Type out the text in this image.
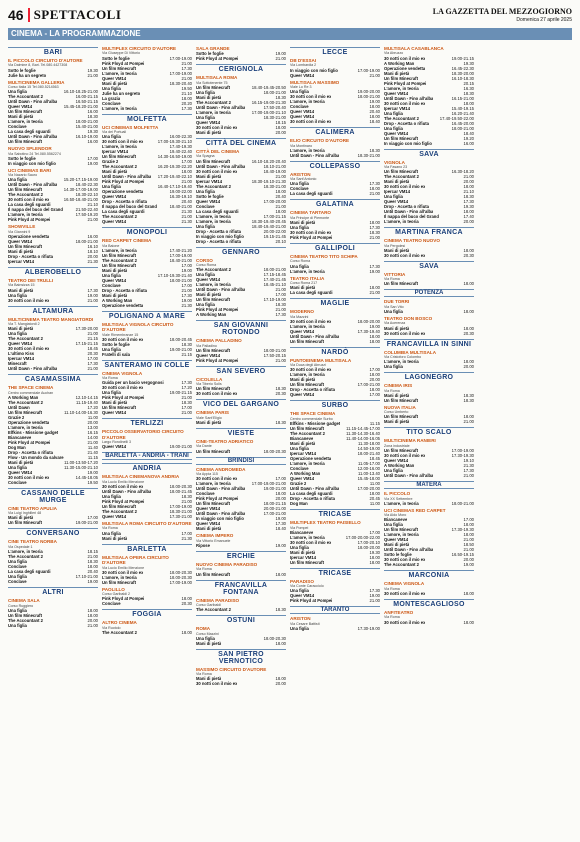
46 SPETTACOLI	LA GAZZETTA DEL MEZZOGIORNO
Domenica 27 aprile 2025
CINEMA - LA PROGRAMMAZIONE
BARI
IL PICCOLO CIRCUITO D'AUTORE
Via Dalmine 8, Bari. Tel.080.4427308
Sotto le foglie	19.30
Julie ha un segreto	21.00
MULTICINEMA GALLERIA
Corso Italia 15 Tel.080.5214563
Una figlia	16.10-18.25-21.00
The Accountant 2	16.00-21.15
Until Dawn - Fino all'alba	16.50-21.15
Queer VM14	15.45-18.20-21.00
Un film Minecraft	16.00
Mani di pietà	18.30
L'amore, in teoria	18.00-21.00
Conclave	15.40-21.00
La casa degli sguardi	19.30
Until Dawn - Fino all'alba	16.10-19.00
Un film Minecraft	16.00
NUOVO SPLENDOR
Via Sabotino 24 Tel.080.5562274
Sotto le foglie	17.00
In viaggio con mio figlio	19.00
UCI CINEMAS BARI
Via Nazario Sauro
Una figlia	15.20-17.15-19.00
Until Dawn - Fino all'alba	18.40-22.30
Un film Minecraft	14.30-17.00-19.00
The Accountant 2	18.30-22.10
30 notti con il mio ex	16.50-18.40-21.00
La casa degli sguardi	21.10
Il nappa del buco del Grand	21.50-22.40
L'amore, in teoria	17.50-19.20
Pink Floyd at Pompei	21.00
SHOWVILLE
Via Giannini 9
Operazione vendetta	16.00
Queer VM14	18.00-21.00
Un film Minecraft	16.10
Mani di pietà	18.10
Drop - Accetta o rifiuta	20.00
Ipercar VM14	21.30
ALBEROBELLO
TEATRO DEI TRULLI
Via Bainsizza 15
Mani di pietà	17.30
Una figlia	19.00
30 notti con il mio ex	21.00
ALTAMURA
MULTICINEMA TEATRO MANGIATORDI
Via T. Mangiatordi 2
Mani di pietà	17.30-20.00
Una figlia	21.00
The Accountant 2	21.15
Queer VM14	17.15-21.15
30 notti con il mio ex	18.45
L'ultimo Kiss	20.30
Ipercar VM14	17.00
Minecraft	17.30
Until Dawn - Fino all'alba	21.00
CASAMASSIMA
THE SPACE CINEMA
Centro commerciale Auchan
A Working Man	12.10-14.15
The Accountant 2	11.15-19.40
Until Dawn	17.20
Un film Minecraft	11.10-14.00-16.30
Grazie 2	11.00
Operazione vendetta	20.00
L'amore, in teoria	13.00
Elfkins - Missione gadget	16.15
Biancaneve	14.00
Pink Floyd at Pompei	21.00
Dog Man	11.40
Drop - Accetta o rifiuta	21.40
Flow - Un mondo da salvare	11.15
Mani di pietà	11.00-13.50-17.20
Una figlia	11.30-15.00-21.10
Queer VM14	19.00
30 notti con il mio ex	14.45-18.05
Conclave	19.50
CASSANO DELLE MURGE
CINE TEATRO APULIA
Via Luigi Inghilleri 48
Mani di pietà	17.00
Un film Minecraft	19.00-21.00
CONVERSANO
CINE TEATRO NORBA
Via Ospedale 1
L'amore, in teoria	18.15
The Accountant 2	21.00
Una figlia	18.30
Conclave	18.00
La casa degli sguardi	20.40
Una figlia	17.10-21.00
Conclave	19.00
ALTRI
CINEMA SALA
Corso Ruggiero
Una figlia	18.00
Un film Minecraft	18.00
The Accountant 2	20.00
Una figlia	21.00
MULTIPLEX CIRCUITO D'AUTORE
Via Giuseppe Di Vittorio
Sotto le foglie	17.00-19.00
Pink Floyd at Pompei	21.00
Un film Minecraft	17.30
L'amore, in teoria	17.00-19.00
Queer VM14	21.00
Mani di pietà	18.30-20.40
Una figlia	19.50
Julie ha un segreto	21.10
La grazia	18.00
Conclave	20.20
L'amore, in teoria	17.30
MOLFETTA
UCI CINEMAS MOLFETTA
Via dei Portuali
Una figlia	16.00-22.30
30 notti con il mio ex	17.00-19.30-21.10
L'amore, in teoria	17.40-19.30
Ipercar VM14	19.40-22.40
Un film Minecraft	14.30-16.50-19.00
Grazie 2	17.00
The Accountant 2	16.20-19.30-22.20
Mani di pietà	18.00
Until Dawn - Fino all'alba 17.20-19.40-22.10
Pink Floyd at Pompei	21.00
Una figlia	16.40-17.10-19.40
Operazione vendetta	19.00-22.00
Queer VM14	16.30-19.10
Drop - Accetta o rifiuta	20.40
Il nappa del buco del Grand	18.40-21.00
La casa degli sguardi	21.30
The Accountant 2	21.00
Queer VM14	21.30
MONOPOLI
RED CARPET CINEMA
Via Baione
L'amore, in teoria	17.40-21.20
Un film Minecraft	17.00-19.00
The Accountant 2	18.40-21.00
Un film Minecraft	17.00
Mani di pietà	19.00
Una figlia	17.10-19.30-21.40
Queer VM14	18.00-21.00
Conclave	17.00
Drop - Accetta o rifiuta	21.00
Mani di pietà	17.30
A Working Man	19.00
Operazione vendetta	21.30
POLIGNANO A MARE
MULTISALA VIGNOLA CIRCUITO D'AUTORE
Viale Rimembranze 15
30 notti con il mio ex	18.00-20.45
Sotto le foglie	18.30
Una figlia	19.00-21.00
Fratelli di sala	21.15
SANTERAMO IN COLLE
CINEMA VIGNOLA
Via Roma
Guida per un bacio vergognosi	17.30
30 notti con il mio ex	17.20
Una figlia	19.00-21.15
Pink Floyd at Pompei	21.00
Mani di pietà	18.30
Un film Minecraft	17.00
Queer VM14	21.00
TERLIZZI
PICCOLO OSSERVATORIO CIRCUITO D'AUTORE
Largo Rondinelli 3
Queer VM14	19.00-21.00
BARLETTA - ANDRIA - TRANI
ANDRIA
MULTISALA CINEMANOVA ANDRIA
Via Lucio Emilio Menzione
30 notti con il mio ex	18.00-20.30
Until Dawn - Fino all'alba	18.00-21.45
Una figlia	18.30
Pink Floyd at Pompei	21.00
Un film Minecraft	17.00-19.00
The Accountant 2	18.30-21.00
Queer VM14	17.30-21.00
MULTISALA ROMA CIRCUITO D'AUTORE
Via Roma
Una figlia	17.00
Mani di pietà	21.30
BARLETTA
MULTISALA OPERA CIRCUITO D'AUTORE
Via Lucio Emilio Menzione
30 notti con il mio ex	18.00-20.30
L'amore, in teoria	18.00-20.30
Un film Minecraft	17.00-19.00
PAOLILLO
Corso Garibaldi 2
Pink Floyd at Pompei	18.00
Conclave	20.30
FOGGIA
ALTRO CINEMA
Via Ruotolo
The Accountant 2	18.00
SALA GRANDE
Sotto le foglie	19.00
Pink Floyd at Pompei	21.00
CERIGNOLA
MULTISALA ROMA
Via Sottotenente 75
Un film Minecraft	18.40-19.45-20.50
Una figlia	18.00-21.00
Mani di pietà	18.30
The Accountant 2	16.15-19.00-21.30
Until Dawn - Fino all'alba	17.50-20.40
L'amore, in teoria	17.00-19.00-21.10
Una figlia	18.30-21.00
Queer VM14	18.15
30 notti con il mio ex	18.00
Mani di pietà	20.00
CITTÀ DEL CINEMA
CITTÀ DEL CINEMA
Via Spagna
Un film Minecraft	16.10-18.20-20.40
Until Dawn - Fino all'alba	18.10-21.00
30 notti con il mio ex	18.40-19.00
Mani di pietà	21.00
Ipercar VM14	18.30-19.10-21.30
The Accountant 2	18.30-21.00
Una figlia	18.00
Sotto le foglie	20.40
Queer VM14	17.00-20.00
Conclave	21.00
La casa degli sguardi	18.00
L'amore, in teoria	17.00-21.15
L'amore, in teoria	18.30-19.40-20.45
Una figlia	18.40-19.40-21.00
Drop - Accetta o rifiuta	20.00-22.00
In viaggio con mio figlio	19.15-21.45
Drop - Accetta o rifiuta	20.10
GENNARO
CORSO
Corso Roma
The Accountant 2	18.00-21.00
Una figlia	17.15-18.45
Queer VM14	17.40-21.45
L'amore, in teoria	18.45-21.10
Until Dawn - Fino all'alba	21.00
Mani di pietà	17.00
Un film Minecraft	17.10-19.00
Una figlia	18.30
Pink Floyd at Pompei	21.00
A Working Man	17.30
SAN GIOVANNI ROTONDO
CINEMA PALLADINO
Via Palladino
Un film Minecraft	18.00-21.00
Queer VM14	17.50-20.15
Pink Floyd at Pompei	21.00
SAN SEVERO
CICOLELLA
Via Tiberio Solis
Un film Minecraft	18.30
30 notti con il mio ex	20.30
VICO DEL GARGANO
CINEMA PARIS
Viale Sant'Eligio
Mani di pietà	18.30
VIESTE
CINE-TEATRO ADRIATICO
Via Dante
Un film Minecraft	18.00-20.30
BRINDISI
CINEMA ANDROMEDA
Via Appia 115
30 notti con il mio ex	17.00
L'amore, in teoria	17.00-19.00-21.00
Until Dawn - Fino all'alba	19.00-21.00
Conclave	18.00
Pink Floyd at Pompei	20.00
Un film Minecraft	18.00-21.15
Queer VM14	20.00-21.00
Until Dawn - Fino all'alba	17.00-21.00
In viaggio con mio figlio	19.00
Queer VM14	17.30
Mani di pietà	18.40
CINEMA IMPERO
Via Vittorio Emanuele
Ripose	19.00
ERCHIE
NUOVO CINEMA PARADISO
Via Roma
Un film Minecraft	18.00
FRANCAVILLA FONTANA
CINEMA PARADISO
Corso Garibaldi
The Accountant 2	18.30
OSTUNI
ROMA
Corso Mazzini
Una figlia	18.00-20.30
Mani di pietà	18.00
SAN PIETRO VERNOTICO
MASSIMO CIRCUITO D'AUTORE
Via Roma
Mani di pietà	18.00
30 notti con il mio ex	20.00
LECCE
DB D'ESSAI
Via Lombardia 2
In viaggio con mio figlio	17.00-19.00
Queer VM14	21.00
MULTISALA MASSIMO
Viale Lo Re 3
Una figlia	19.00-20.00
30 notti con il mio ex	18.00-21.00
L'amore, in teoria	19.00
Conclave	18.00
Queer VM14	20.40
Queer VM14	18.00
30 notti con il mio ex	18.40
CALIMERA
ELIO CIRCUITO D'AUTORE
Via Montinaro
L'amore, in teoria	18.30
Until Dawn - Fino all'alba	18.30-21.00
COLLEPASSO
ARISTON
Via Sant'Antonio
Una figlia	17.30
Conclave	18.00
La casa degli sguardi	21.00
GALATINA
CINEMA TARTARO
Via Principe di Piemonte
Mani di pietà	18.00
Una figlia	17.30
30 notti con il mio ex	18.30
Pink Floyd at Pompei	21.00
GALLIPOLI
CINEMA TEATRO TITO SCHIPA
Corso Roma
Una figlia	17.30
L'amore, in teoria	19.00
TEATRO ITALIA
Corso Roma 217
Mani di pietà	18.00
La casa degli sguardi	21.00
MAGLIE
MODERNO
Via Mazzini
30 notti con il mio ex	18.00-20.00
L'amore, in teoria	19.00
Queer VM14	17.30-19.40
Until Dawn - Fino all'alba	18.00
Un film Minecraft	18.00
NARDÒ
PUNTOEINEMA MULTISALA
Via Duca degli Abruzzi
30 notti con il mio ex	17.00
L'amore, in teoria	18.00
Mani di pietà	20.00
Un film Minecraft	17.00-21.00
Drop - Accetta o rifiuta	18.00
Queer VM14	17.00
SURBO
THE SPACE CINEMA
Centro commerciale Surbo
Elfkins - Missione gadget	11.15
Un film Minecraft	11.15-14.45-17.00
The Accountant 2	11.30-14.30-16.40
Biancaneve	11.40-14.00-16.05
Mani di pietà	11.30-18.00
Una figlia	14.50-19.00
Ipercar VM14	18.00-21.40
Operazione vendetta	18.45
L'amore, in teoria	11.05-17.00
Conclave	12.00-16.00
A Working Man	11.00-13.40
Queer VM14	15.45-18.00
Grazie 2	11.00
Until Dawn - Fino all'alba	17.00-20.00
La casa degli sguardi	18.00
Drop - Accetta o rifiuta	20.45
Dog Man	11.00
TRICASE
MULTIPLEX TEATRO PAISIELLO
Via Pompei
Biancaneve	17.00
L'amore, in teoria	17.00-20.00-22.00
30 notti con il mio ex	17.00-20.10
Una figlia	18.00-20.00
Mani di pietà	19.30
Ipercar VM14	18.00
Un film Minecraft	18.00
TRICASE
PARADISO
Via Conte Caracciolo
Una figlia	17.30
Queer VM14	19.00
Pink Floyd at Pompei	21.00
TARANTO
ARISTON
Via Cesare Battisti
Una figlia	17.30-19.00
MULTISALA CASABLANCA
Via Abruzzo
30 notti con il mio ex	19.00-21.15
A Working Man	19.30
Operazione vendetta	16.45-22.30
Mani di pietà	18.30-20.00
Un film Minecraft	16.10-18.30
Pink Floyd at Pompei	20.15
L'amore, in teoria	16.30
Queer VM14	18.30
Until Dawn - Fino all'alba	16.15-21.00
30 notti con il mio ex	18.00
Ipercar VM14	15.40-19.15
Una figlia	16.20-21.40
The Accountant 2	17.40-19.50-22.00
Drop - Accetta o rifiuta	16.45-20.00
Una figlia	18.00-21.00
Queer VM14	18.40
Un film Minecraft	19.20
In viaggio con mio figlio	16.00
SAVA
VIGNOLA
Via Fasano 23
Un film Minecraft	16.30-18.20
The Accountant 2	21.00
Mani di pietà	20.00
30 notti con il mio ex	18.00
Ipercar VM14	21.10
Una figlia	18.30
Queer VM14	17.30
Drop - Accetta o rifiuta	19.30
Until Dawn - Fino all'alba	18.00
Il nappa del buco del Grand	17.40
L'amore, in teoria	20.00
MARTINA FRANCA
CINEMA TEATRO NUOVO
Via Pergolesi
Mani di pietà	18.00
30 notti con il mio ex	20.30
SAVA
VITTORIA
Via Roma
Un film Minecraft	18.00
POTENZA
DUE TORRI
Via San Vito
Una figlia	18.00
TEATRO DON BOSCO
Via Acerenza
Mani di pietà	18.00
30 notti con il mio ex	20.30
FRANCAVILLA IN SINNI
COLUMBIA MULTISALA
Via Cristoforo Colombo
L'amore, in teoria	18.00
Una figlia	20.00
LAGONEGRO
CINEMA IRIS
Via Roma
Mani di pietà	18.30
Un film Minecraft	18.30
NUOVA ITALIA
Corso Umberto
Un film Minecraft	18.00
Mani di pietà	21.00
TITO SCALO
MULTICINEMA RANIERI
Zona industriale
Un film Minecraft	17.00-19.00
30 notti con il mio ex	17.30-19.30
Queer VM14	19.10
A Working Man	21.30
Una figlia	17.30
Until Dawn - Fino all'alba	21.00
MATERA
IL PICCOLO
Via XX Settembre
L'amore, in teoria	18.00-21.00
UCI CINEMAS RED CARPET
Via Aldo Moro
Biancaneve	17.00
Una figlia	18.00
Un film Minecraft	17.30-19.30
L'amore, in teoria	18.00
Queer VM14	21.00
Mani di pietà	18.50
Until Dawn - Fino all'alba	21.00
Sotto le foglie	16.50-19.15
30 notti con il mio ex	20.00
The Accountant 2	19.00
MARCONIA
CINEMA VIGNOLA
Via Roma
30 notti con il mio ex	18.00
MONTESCAGLIOSO
ANFITEATRO
Via Roma
30 notti con il mio ex	18.00
